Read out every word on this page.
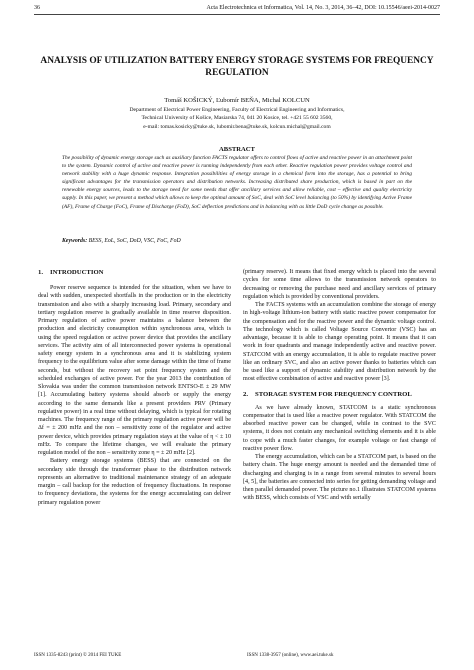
36	Acta Electrotechnica et Informatica, Vol. 14, No. 3, 2014, 36–42, DOI: 10.15546/aeei-2014-0027
ANALYSIS OF UTILIZATION BATTERY ENERGY STORAGE SYSTEMS FOR FREQUENCY REGULATION
Tomáš KOŠICKÝ, Ľubomír BEŇA, Michal KOLCUN
Department of Electrical Power Engineering, Faculty of Electrical Engineering and Informatics,
Technical University of Košice, Masiarska 74, 041 20 Kosice, tel. +421 55 602 3560,
e-mail: tomas.kosicky@tuke.sk, lubomir.bena@tuke.sk, kolcun.michal@gmail.com
ABSTRACT

The possibility of dynamic energy storage such as auxiliary function FACTS regulator offers to control flows of active and reactive power in an attachment point to the system. Dynamic control of active and reactive power is running independently from each other. Reactive regulation power provides voltage control and network stability with a huge dynamic response. Integration possibilities of energy storage in a chemical form into the storage, has a potential to bring significant advantages for the transmission operators and distribution networks. Increasing distributed share production, which is based in part on the renewable energy sources, leads to the storage need for some needs that offer ancillary services and allow reliable, cost – effective and quality electricity supply. In this paper, we present a method which allows to keep the optimal amount of SoC, deal with SoC level balancing (to 50%) by identifying Active Frame (AF), Frame of Charge (FoC), Frame of Discharge (FoD), SoC deflection predictions and in balancing with as little DoD cycle change as possible.

Keywords: BESS, EoL, SoC, DoD, VSC, FoC, FoD
1. INTRODUCTION

Power reserve sequence is intended for the situation, when we have to deal with sudden, unexpected shortfalls in the production or in the electricity transmission and also with a sharply increasing load. Primary, secondary and tertiary regulation reserve is gradually available in time reserve disposition. Primary regulation of active power maintains a balance between the production and electricity consumption within synchronous area, which is using the speed regulation or active power device that provides the ancillary services. The activity aim of all interconnected power systems is operational safety energy system in a synchronous area and it is stabilizing system frequency to the equilibrium value after some damage within the time of frame seconds, but without the recovery set point frequency system and the scheduled exchanges of active power. For the year 2013 the contribution of Slovakia was under the common transmission network ENTSO-E ± 29 MW [1]. Accumulating battery systems should absorb or supply the energy according to the same demands like a present providers PRV (Primary regulative power) in a real time without delaying, which is typical for rotating machines. The frequency range of the primary regulation active power will be Δf = ± 200 mHz and the non – sensitivity zone of the regulator and active power device, which provides primary regulation stays at the value of η < ± 10 mHz. To compare the lifetime changes, we will evaluate the primary regulation model of the non – sensitivity zone η = ± 20 mHz [2].

Battery energy storage systems (BESS) that are connected on the secondary side through the transformer phase to the distribution network represents an alternative to traditional maintenance strategy of an adequate margin – call backup for the reduction of frequency fluctuations. In response to frequency deviations, the systems for the energy accumulating can deliver primary regulation power

(primary reserve). It means that fixed energy which is placed into the several cycles for some time allows to the transmission network operators to decreasing or removing the purchase need and ancillary services of primary regulation which is provided by conventional providers.

The FACTS systems with an accumulation combine the storage of energy in high-voltage lithium-ion battery with static reactive power compensator for the compensation and for the reactive power and the dynamic voltage control. The technology which is called Voltage Source Convertor (VSC) has an advantage, because it is able to change operating point. It means that it can work in four quadrants and manage independently active and reactive power. STATCOM with an energy accumulation, it is able to regulate reactive power like an ordinary SVC, and also an active power thanks to batteries which can be used like a support of dynamic stability and distribution network by the most effective combination of active and reactive power [3].

2.	STORAGE SYSTEM FOR FREQUENCY CONTROL

As we have already known, STATCOM is a static synchronous compensator that is used like a reactive power regulator. With STATCOM the absorbed reactive power can be changed, while in contrast to the SVC systems, it does not contain any mechanical switching elements and it is able to cope with a much faster changes, for example voltage or fast change of reactive power flow.

The energy accumulation, which can be a STATCOM part, is based on the battery chain. The huge energy amount is needed and the demanded time of discharging and charging is in a range from several minutes to several hours [4, 5], the batteries are connected into series for getting demanding voltage and then parallel demanded power. The picture no.1 illustrates STATCOM systems with BESS, which consists of VSC and with serially

ISSN 1335-8243 (print) © 2014 FEI TUKE	ISSN 1338-3957 (online), www.aei.tuke.sk
